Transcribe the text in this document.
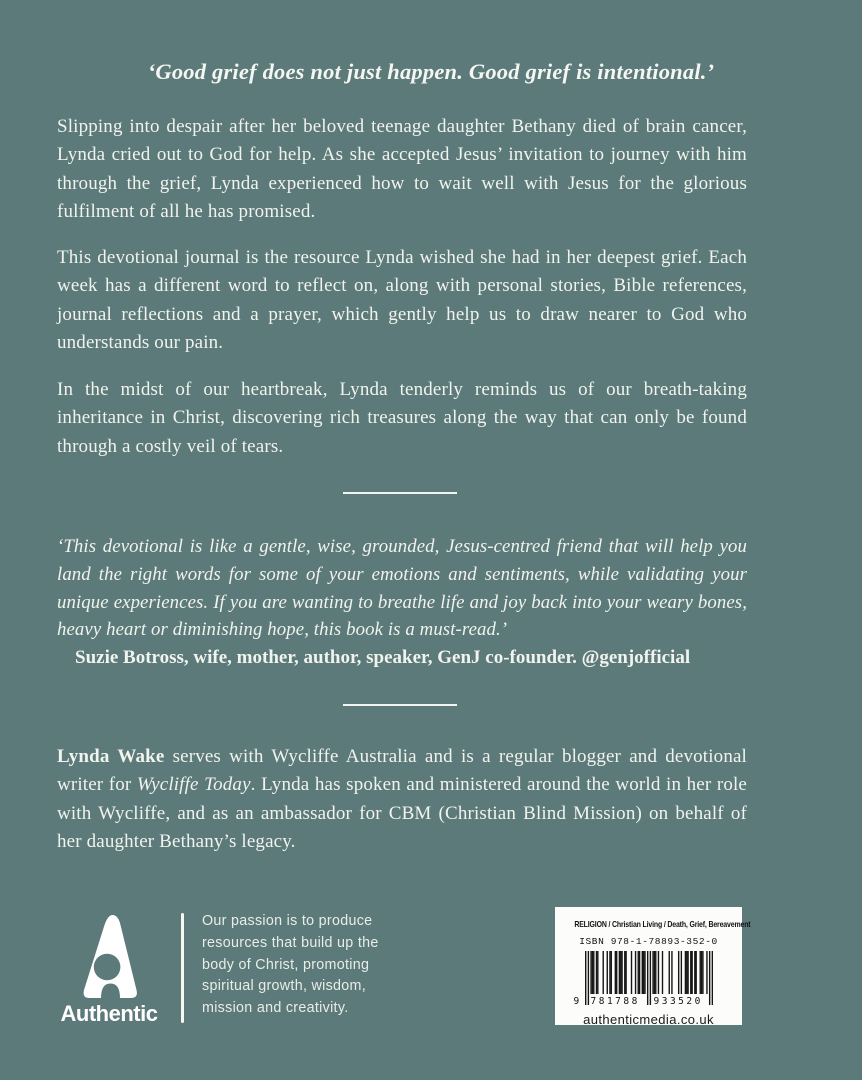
‘Good grief does not just happen. Good grief is intentional.’

Slipping into despair after her beloved teenage daughter Bethany died of brain cancer, Lynda cried out to God for help. As she accepted Jesus’ invitation to journey with him through the grief, Lynda experienced how to wait well with Jesus for the glorious fulfilment of all he has promised.

This devotional journal is the resource Lynda wished she had in her deepest grief. Each week has a different word to reflect on, along with personal stories, Bible references, journal reflections and a prayer, which gently help us to draw nearer to God who understands our pain.

In the midst of our heartbreak, Lynda tenderly reminds us of our breath-taking inheritance in Christ, discovering rich treasures along the way that can only be found through a costly veil of tears.

‘This devotional is like a gentle, wise, grounded, Jesus-centred friend that will help you land the right words for some of your emotions and sentiments, while validating your unique experiences. If you are wanting to breathe life and joy back into your weary bones, heavy heart or diminishing hope, this book is a must-read.’

Suzie Botross, wife, mother, author, speaker, GenJ co-founder. @genjofficial

Lynda Wake serves with Wycliffe Australia and is a regular blogger and devotional writer for Wycliffe Today. Lynda has spoken and ministered around the world in her role with Wycliffe, and as an ambassador for CBM (Christian Blind Mission) on behalf of her daughter Bethany’s legacy.

Authentic
Our passion is to produce resources that build up the body of Christ, promoting spiritual growth, wisdom, mission and creativity.
RELIGION / Christian Living / Death, Grief, Bereavement
ISBN 978-1-78893-352-0
9 781788 933520
authenticmedia.co.uk
